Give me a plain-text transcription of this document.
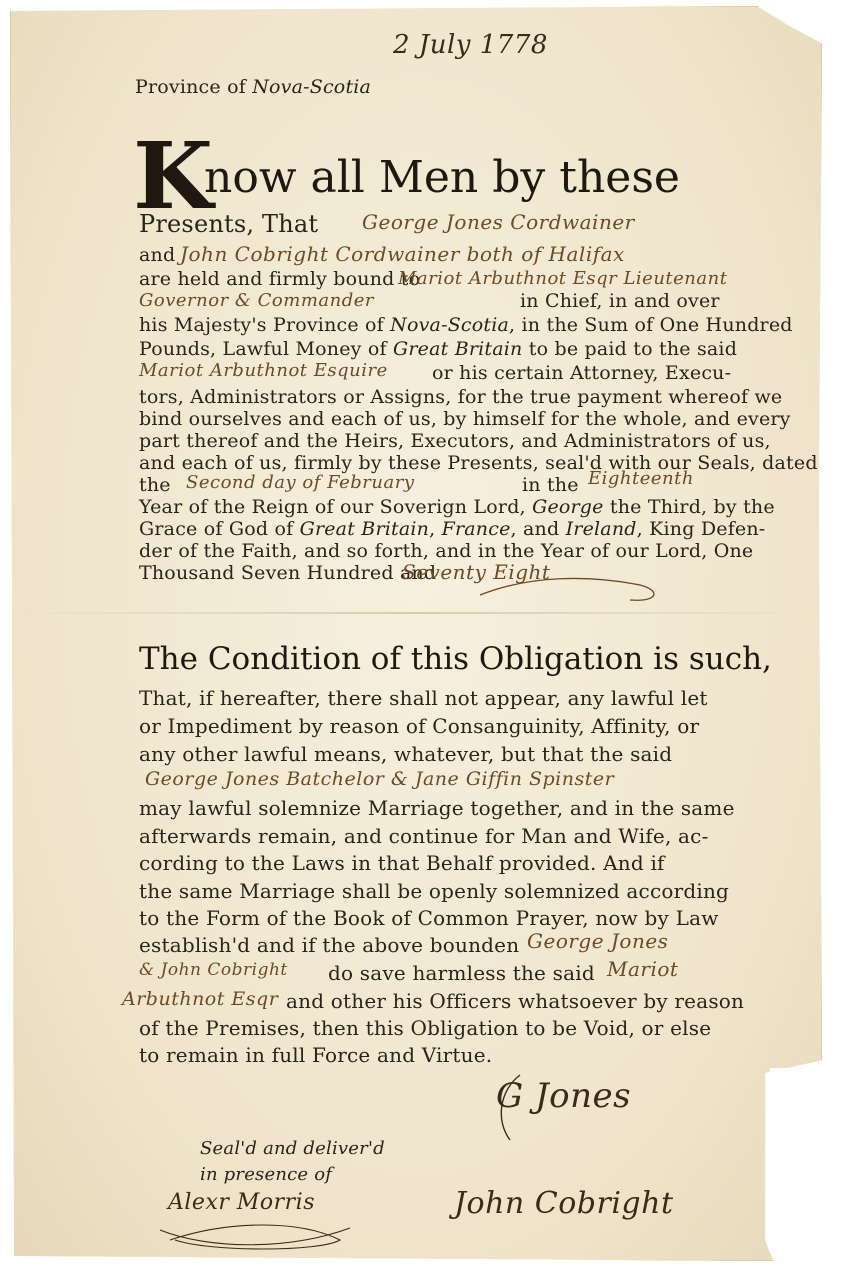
2 July 1778
Province of Nova-Scotia
K
now all Men by these
Presents, That George Jones Cordwainer
and John Cobright Cordwainer both of Halifax
are held and firmly bound to
Mariot Arbuthnot Esqr Lieutenant
Governor & Commander	in Chief, in and over
his Majesty's Province of Nova-Scotia, in the Sum of One Hundred
Pounds, Lawful Money of Great Britain to be paid to the said
Mariot Arbuthnot Esquire or his certain Attorney, Execu-
tors, Administrators or Assigns, for the true payment whereof we
bind ourselves and each of us, by himself for the whole, and every
part thereof and the Heirs, Executors, and Administrators of us,
and each of us, firmly by these Presents, seal'd with our Seals, dated
the Second day of February	in the Eighteenth
Year of the Reign of our Soverign Lord, George the Third, by the
Grace of God of Great Britain, France, and Ireland, King Defen-
der of the Faith, and so forth, and in the Year of our Lord, One
Thousand Seven Hundred and
Seventy Eight
The Condition of this Obligation is such,
That, if hereafter, there shall not appear, any lawful let
or Impediment by reason of Consanguinity, Affinity, or
any other lawful means, whatever, but that the said
George Jones Batchelor & Jane Giffin Spinster
may lawful solemnize Marriage together, and in the same
afterwards remain, and continue for Man and Wife, ac-
cording to the Laws in that Behalf provided. And if
the same Marriage shall be openly solemnized according
to the Form of the Book of Common Prayer, now by Law
establish'd and if the above bounden George Jones
& John Cobright do save harmless the said Mariot
Arbuthnot Esqr and other his Officers whatsoever by reason
of the Premises, then this Obligation to be Void, or else
to remain in full Force and Virtue.
G Jones
Seal'd and deliver'd
in presence of
Alexr Morris	John Cobright
